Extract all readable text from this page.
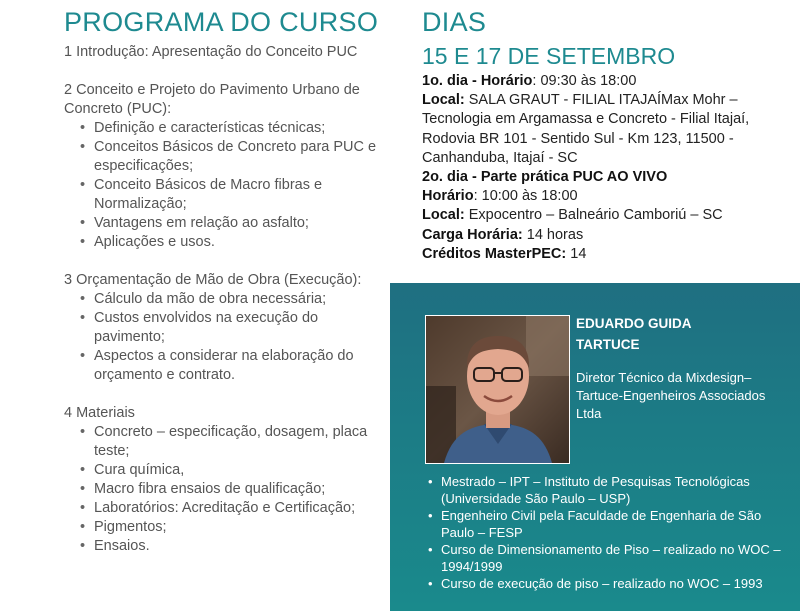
PROGRAMA DO CURSO DIAS

1 Introdução: Apresentação do Conceito PUC

2 Conceito e Projeto do Pavimento Urbano de Concreto (PUC):

• Definição e características técnicas;
• Conceitos Básicos de Concreto para PUC e especificações;
• Conceito Básicos de Macro fibras e Normalização;
• Vantagens em relação ao asfalto;
• Aplicações e usos.

3 Orçamentação de Mão de Obra (Execução):

• Cálculo da mão de obra necessária;
• Custos envolvidos na execução do pavimento;
• Aspectos a considerar na elaboração do orçamento e contrato.

4 Materiais

• Concreto – especificação, dosagem, placa teste;
• Cura química,
• Macro fibra ensaios de qualificação;
• Laboratórios: Acreditação e Certificação;
• Pigmentos;
• Ensaios.
15 E 17 DE SETEMBRO

1o. dia - Horário: 09:30 às 18:00

Local: SALA GRAUT - FILIAL ITAJAÍMax Mohr – Tecnologia em Argamassa e Concreto - Filial Itajaí, Rodovia BR 101 - Sentido Sul - Km 123, 11500 - Canhanduba, Itajaí - SC

2o. dia - Parte prática PUC AO VIVO

Horário: 10:00 às 18:00

Local: Expocentro – Balneário Camboriú – SC

Carga Horária: 14 horas

Créditos MasterPEC: 14

EDUARDO GUIDA
TARTUCE
Diretor Técnico da Mixdesign–Tartuce-Engenheiros Associados Ltda
• Mestrado – IPT – Instituto de Pesquisas Tecnológicas (Universidade São Paulo – USP)
• Engenheiro Civil pela Faculdade de Engenharia de São Paulo – FESP
• Curso de Dimensionamento de Piso – realizado no WOC – 1994/1999
• Curso de execução de piso – realizado no WOC – 1993
